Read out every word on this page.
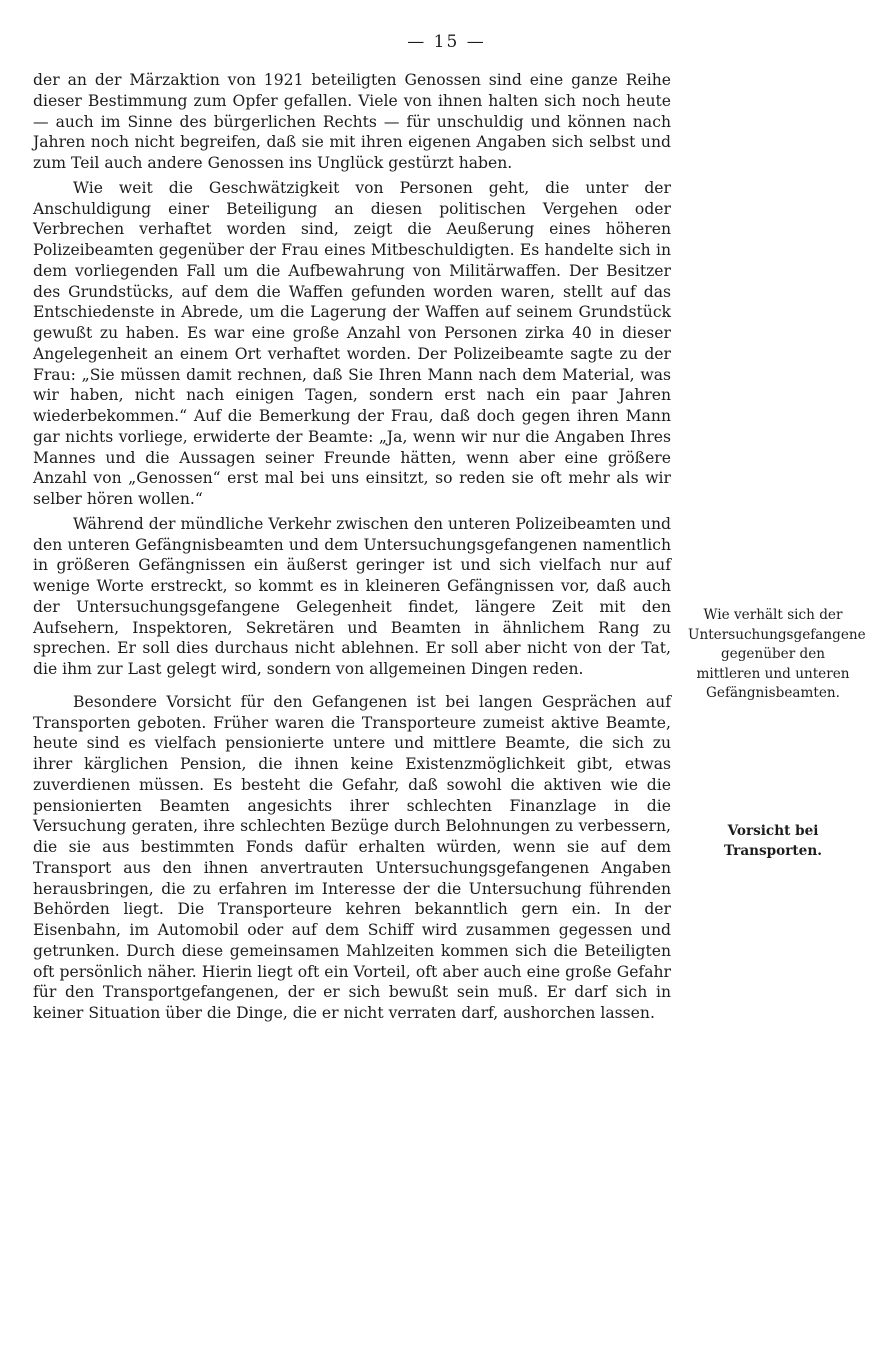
— 15 —

der an der Märzaktion von 1921 beteiligten Genossen sind eine ganze Reihe dieser Bestimmung zum Opfer gefallen. Viele von ihnen halten sich noch heute — auch im Sinne des bürgerlichen Rechts — für unschuldig und können nach Jahren noch nicht begreifen, daß sie mit ihren eigenen Angaben sich selbst und zum Teil auch andere Genossen ins Unglück gestürzt haben.

Wie weit die Geschwätzigkeit von Personen geht, die unter der Anschuldigung einer Beteiligung an diesen politischen Vergehen oder Verbrechen verhaftet worden sind, zeigt die Aeußerung eines höheren Polizeibeamten gegenüber der Frau eines Mitbeschuldigten. Es handelte sich in dem vorliegenden Fall um die Aufbewahrung von Militärwaffen. Der Besitzer des Grundstücks, auf dem die Waffen gefunden worden waren, stellt auf das Entschiedenste in Abrede, um die Lagerung der Waffen auf seinem Grundstück gewußt zu haben. Es war eine große Anzahl von Personen zirka 40 in dieser Angelegenheit an einem Ort verhaftet worden. Der Polizeibeamte sagte zu der Frau: „Sie müssen damit rechnen, daß Sie Ihren Mann nach dem Material, was wir haben, nicht nach einigen Tagen, sondern erst nach ein paar Jahren wiederbekommen.“ Auf die Bemerkung der Frau, daß doch gegen ihren Mann gar nichts vorliege, erwiderte der Beamte: „Ja, wenn wir nur die Angaben Ihres Mannes und die Aussagen seiner Freunde hätten, wenn aber eine größere Anzahl von „Genossen“ erst mal bei uns einsitzt, so reden sie oft mehr als wir selber hören wollen.“

Während der mündliche Verkehr zwischen den unteren Polizeibeamten und den unteren Gefängnisbeamten und dem Untersuchungsgefangenen namentlich in größeren Gefängnissen ein äußerst geringer ist und sich vielfach nur auf wenige Worte erstreckt, so kommt es in kleineren Gefängnissen vor, daß auch der Untersuchungsgefangene Gelegenheit findet, längere Zeit mit den Aufsehern, Inspektoren, Sekretären und Beamten in ähnlichem Rang zu sprechen. Er soll dies durchaus nicht ablehnen. Er soll aber nicht von der Tat, die ihm zur Last gelegt wird, sondern von allgemeinen Dingen reden.

Besondere Vorsicht für den Gefangenen ist bei langen Gesprächen auf Transporten geboten. Früher waren die Transporteure zumeist aktive Beamte, heute sind es vielfach pensionierte untere und mittlere Beamte, die sich zu ihrer kärglichen Pension, die ihnen keine Existenzmöglichkeit gibt, etwas zuverdienen müssen. Es besteht die Gefahr, daß sowohl die aktiven wie die pensionierten Beamten angesichts ihrer schlechten Finanzlage in die Versuchung geraten, ihre schlechten Bezüge durch Belohnungen zu verbessern, die sie aus bestimmten Fonds dafür erhalten würden, wenn sie auf dem Transport aus den ihnen anvertrauten Untersuchungsgefangenen Angaben herausbringen, die zu erfahren im Interesse der die Untersuchung führenden Behörden liegt. Die Transporteure kehren bekanntlich gern ein. In der Eisenbahn, im Automobil oder auf dem Schiff wird zusammen gegessen und getrunken. Durch diese gemeinsamen Mahlzeiten kommen sich die Beteiligten oft persönlich näher. Hierin liegt oft ein Vorteil, oft aber auch eine große Gefahr für den Transportgefangenen, der er sich bewußt sein muß. Er darf sich in keiner Situation über die Dinge, die er nicht verraten darf, aushorchen lassen.

Wie verhält sich der Untersuchungsgefangene gegenüber den mittleren und unteren Gefängnisbeamten.
Vorsicht bei Transporten.
